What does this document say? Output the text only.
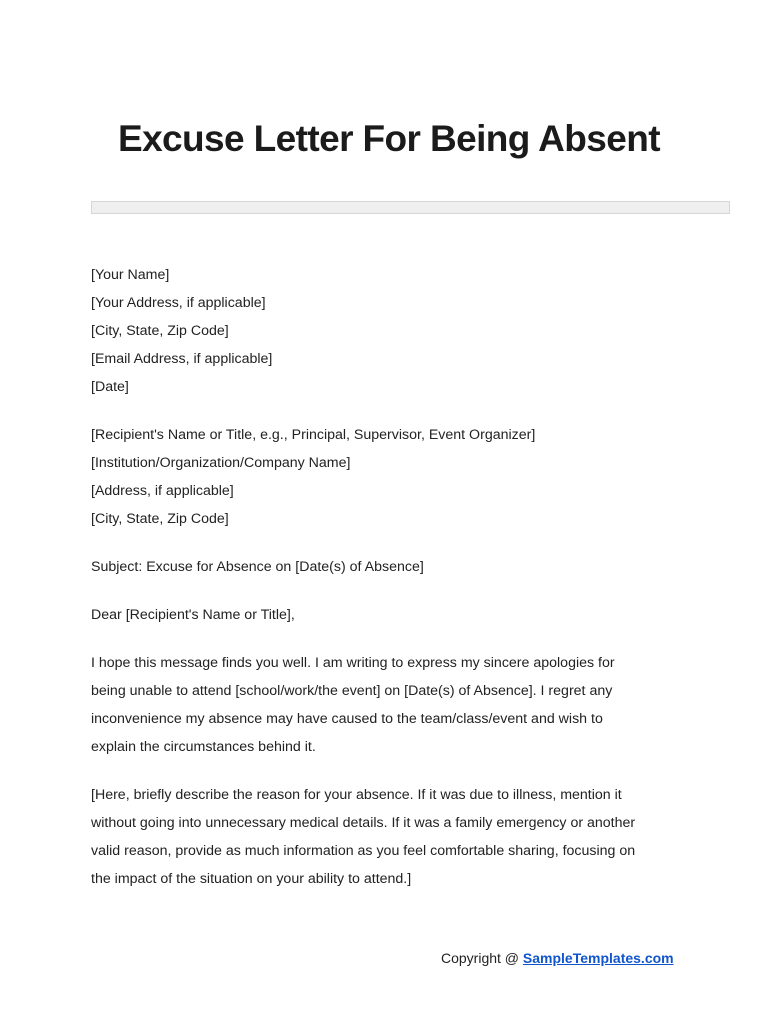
Excuse Letter For Being Absent
[Your Name]
[Your Address, if applicable]
[City, State, Zip Code]
[Email Address, if applicable]
[Date]
[Recipient's Name or Title, e.g., Principal, Supervisor, Event Organizer]
[Institution/Organization/Company Name]
[Address, if applicable]
[City, State, Zip Code]
Subject: Excuse for Absence on [Date(s) of Absence]
Dear [Recipient's Name or Title],
I hope this message finds you well. I am writing to express my sincere apologies for
being unable to attend [school/work/the event] on [Date(s) of Absence]. I regret any
inconvenience my absence may have caused to the team/class/event and wish to
explain the circumstances behind it.
[Here, briefly describe the reason for your absence. If it was due to illness, mention it
without going into unnecessary medical details. If it was a family emergency or another
valid reason, provide as much information as you feel comfortable sharing, focusing on
the impact of the situation on your ability to attend.]
Copyright @ SampleTemplates.com
